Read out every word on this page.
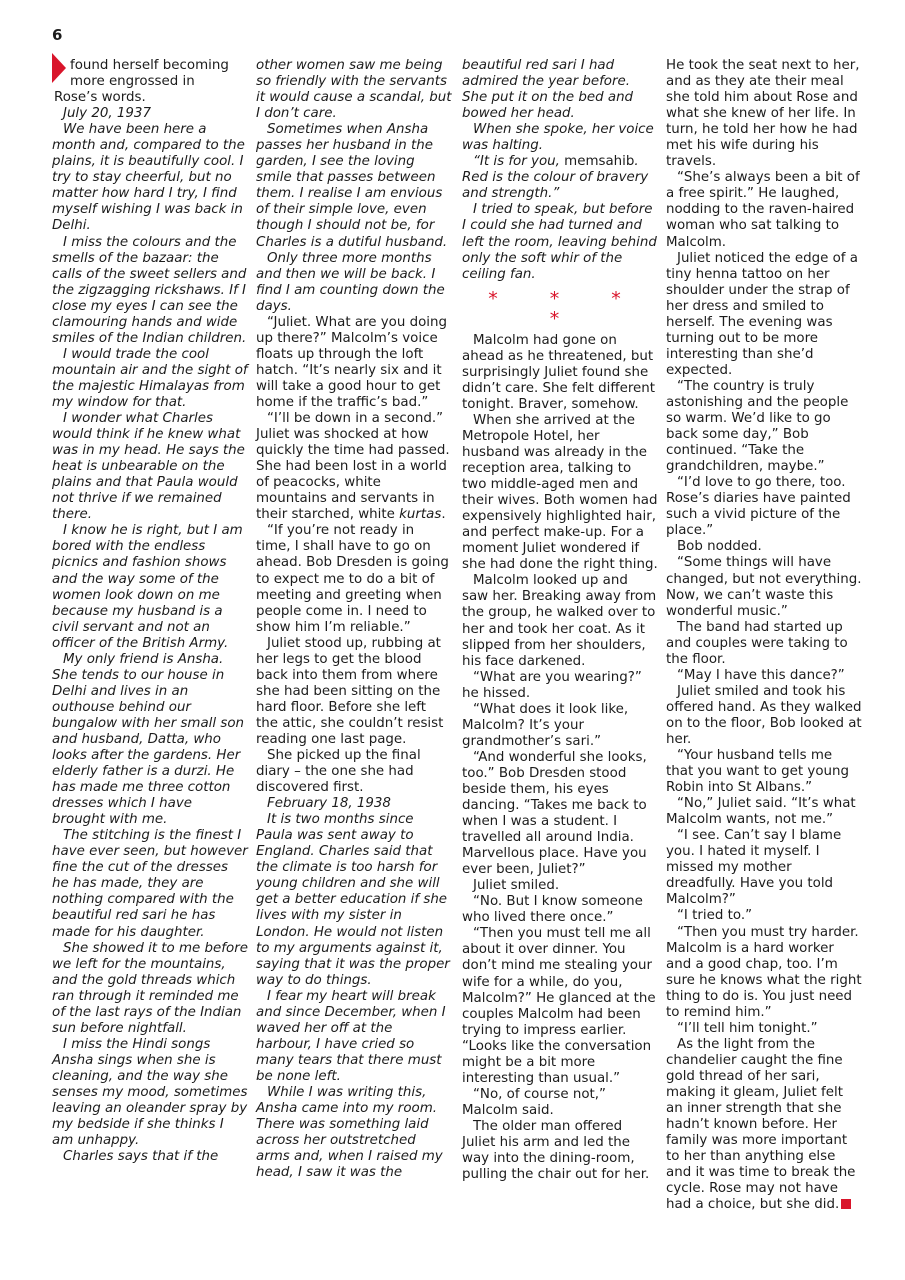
6

found herself becoming

more engrossed in

Rose’s words.

July 20, 1937

We have been here a month and, compared to the plains, it is beautifully cool. I try to stay cheerful, but no matter how hard I try, I find myself wishing I was back in Delhi.

I miss the colours and the smells of the bazaar: the calls of the sweet sellers and the zigzagging rickshaws. If I close my eyes I can see the clamouring hands and wide smiles of the Indian children.

I would trade the cool mountain air and the sight of the majestic Himalayas from my window for that.

I wonder what Charles would think if he knew what was in my head. He says the heat is unbearable on the plains and that Paula would not thrive if we remained there.

I know he is right, but I am bored with the endless picnics and fashion shows and the way some of the women look down on me because my husband is a civil servant and not an officer of the British Army.

My only friend is Ansha. She tends to our house in Delhi and lives in an outhouse behind our bungalow with her small son and husband, Datta, who looks after the gardens. Her elderly father is a durzi. He has made me three cotton dresses which I have brought with me.

The stitching is the finest I have ever seen, but however fine the cut of the dresses he has made, they are nothing compared with the beautiful red sari he has made for his daughter.

She showed it to me before we left for the mountains, and the gold threads which ran through it reminded me of the last rays of the Indian sun before nightfall.

I miss the Hindi songs Ansha sings when she is cleaning, and the way she senses my mood, sometimes leaving an oleander spray by my bedside if she thinks I am unhappy.

Charles says that if the

other women saw me being so friendly with the servants it would cause a scandal, but I don’t care.

Sometimes when Ansha passes her husband in the garden, I see the loving smile that passes between them. I realise I am envious of their simple love, even though I should not be, for Charles is a dutiful husband.

Only three more months and then we will be back. I find I am counting down the days.

“Juliet. What are you doing up there?” Malcolm’s voice floats up through the loft hatch. “It’s nearly six and it will take a good hour to get home if the traffic’s bad.”

“I’ll be down in a second.” Juliet was shocked at how quickly the time had passed. She had been lost in a world of peacocks, white mountains and servants in their starched, white kurtas.

“If you’re not ready in time, I shall have to go on ahead. Bob Dresden is going to expect me to do a bit of meeting and greeting when people come in. I need to show him I’m reliable.”

Juliet stood up, rubbing at her legs to get the blood back into them from where she had been sitting on the hard floor. Before she left the attic, she couldn’t resist reading one last page.

She picked up the final diary – the one she had discovered first.

February 18, 1938

It is two months since Paula was sent away to England. Charles said that the climate is too harsh for young children and she will get a better education if she lives with my sister in London. He would not listen to my arguments against it, saying that it was the proper way to do things.

I fear my heart will break and since December, when I waved her off at the harbour, I have cried so many tears that there must be none left.

While I was writing this, Ansha came into my room. There was something laid across her outstretched arms and, when I raised my head, I saw it was the

beautiful red sari I had admired the year before. She put it on the bed and bowed her head.

When she spoke, her voice was halting.

“It is for you, memsahib. Red is the colour of bravery and strength.”

I tried to speak, but before I could she had turned and left the room, leaving behind only the soft whir of the ceiling fan.

* * * *

Malcolm had gone on ahead as he threatened, but surprisingly Juliet found she didn’t care. She felt different tonight. Braver, somehow.

When she arrived at the Metropole Hotel, her husband was already in the reception area, talking to two middle-aged men and their wives. Both women had expensively highlighted hair, and perfect make-up. For a moment Juliet wondered if she had done the right thing.

Malcolm looked up and saw her. Breaking away from the group, he walked over to her and took her coat. As it slipped from her shoulders, his face darkened.

“What are you wearing?” he hissed.

“What does it look like, Malcolm? It’s your grandmother’s sari.”

“And wonderful she looks, too.” Bob Dresden stood beside them, his eyes dancing. “Takes me back to when I was a student. I travelled all around India. Marvellous place. Have you ever been, Juliet?”

Juliet smiled.

“No. But I know someone who lived there once.”

“Then you must tell me all about it over dinner. You don’t mind me stealing your wife for a while, do you, Malcolm?” He glanced at the couples Malcolm had been trying to impress earlier. “Looks like the conversation might be a bit more interesting than usual.”

“No, of course not,” Malcolm said.

The older man offered Juliet his arm and led the way into the dining-room, pulling the chair out for her.

He took the seat next to her, and as they ate their meal she told him about Rose and what she knew of her life. In turn, he told her how he had met his wife during his travels.

“She’s always been a bit of a free spirit.” He laughed, nodding to the raven-haired woman who sat talking to Malcolm.

Juliet noticed the edge of a tiny henna tattoo on her shoulder under the strap of her dress and smiled to herself. The evening was turning out to be more interesting than she’d expected.

“The country is truly astonishing and the people so warm. We’d like to go back some day,” Bob continued. “Take the grandchildren, maybe.”

“I’d love to go there, too. Rose’s diaries have painted such a vivid picture of the place.”

Bob nodded.

“Some things will have changed, but not everything. Now, we can’t waste this wonderful music.”

The band had started up and couples were taking to the floor.

“May I have this dance?”

Juliet smiled and took his offered hand. As they walked on to the floor, Bob looked at her.

“Your husband tells me that you want to get young Robin into St Albans.”

“No,” Juliet said. “It’s what Malcolm wants, not me.”

“I see. Can’t say I blame you. I hated it myself. I missed my mother dreadfully. Have you told Malcolm?”

“I tried to.”

“Then you must try harder. Malcolm is a hard worker and a good chap, too. I’m sure he knows what the right thing to do is. You just need to remind him.”

“I’ll tell him tonight.”

As the light from the chandelier caught the fine gold thread of her sari, making it gleam, Juliet felt an inner strength that she hadn’t known before. Her family was more important to her than anything else and it was time to break the cycle. Rose may not have had a choice, but she did.
